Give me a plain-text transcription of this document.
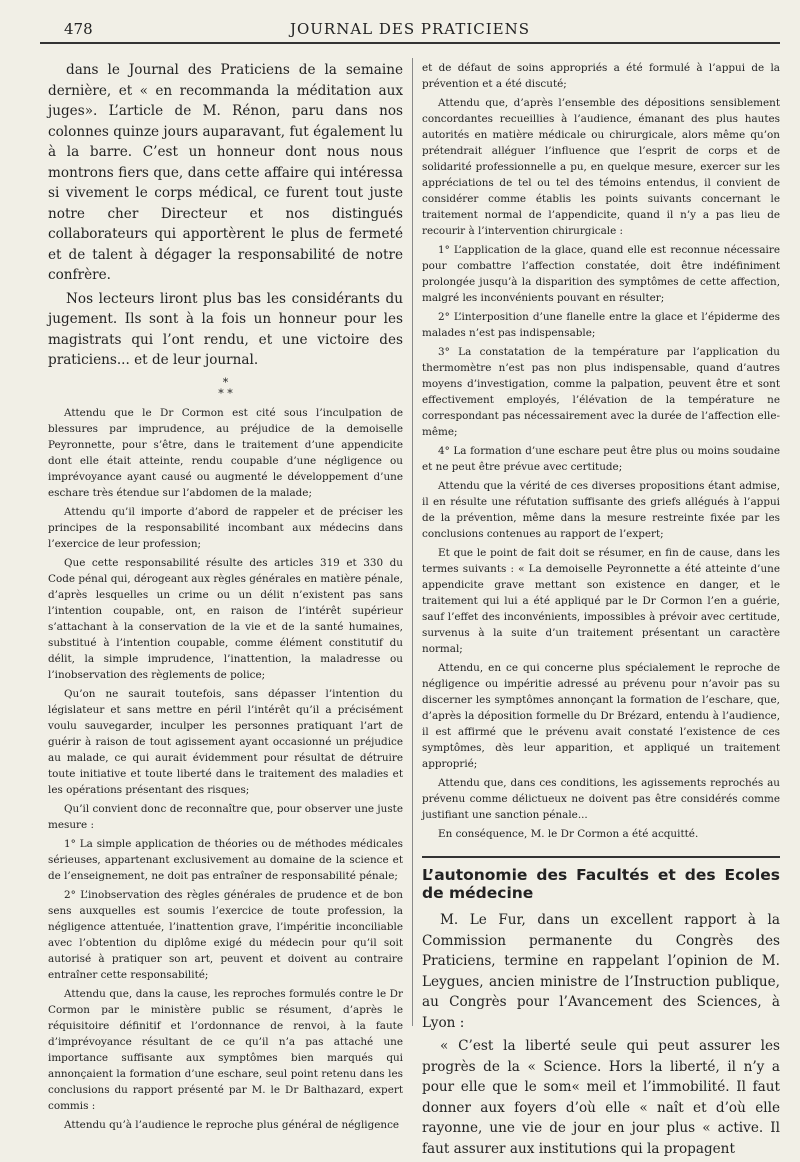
478	JOURNAL DES PRATICIENS

dans le Journal des Praticiens de la semaine dernière, et « en recommanda la méditation aux juges». L’article de M. Rénon, paru dans nos colonnes quinze jours auparavant, fut également lu à la barre. C’est un honneur dont nous nous montrons fiers que, dans cette affaire qui intéressa si vivement le corps médical, ce furent tout juste notre cher Directeur et nos distingués collaborateurs qui apportèrent le plus de fermeté et de talent à dégager la responsabilité de notre confrère.

Nos lecteurs liront plus bas les considérants du jugement. Ils sont à la fois un honneur pour les magistrats qui l’ont rendu, et une victoire des praticiens... et de leur journal.

*
* *

Attendu que le Dr Cormon est cité sous l’inculpation de blessures par imprudence, au préjudice de la demoiselle Peyronnette, pour s’être, dans le traitement d’une appendicite dont elle était atteinte, rendu coupable d’une négligence ou imprévoyance ayant causé ou augmenté le développement d’une eschare très étendue sur l’abdomen de la malade;

Attendu qu’il importe d’abord de rappeler et de préciser les principes de la responsabilité incombant aux médecins dans l’exercice de leur profession;

Que cette responsabilité résulte des articles 319 et 330 du Code pénal qui, dérogeant aux règles générales en matière pénale, d’après lesquelles un crime ou un délit n’existent pas sans l’intention coupable, ont, en raison de l’intérêt supérieur s’attachant à la conservation de la vie et de la santé humaines, substitué à l’intention coupable, comme élément constitutif du délit, la simple imprudence, l’inattention, la maladresse ou l’inobservation des règlements de police;

Qu’on ne saurait toutefois, sans dépasser l’intention du législateur et sans mettre en péril l’intérêt qu’il a précisément voulu sauvegarder, inculper les personnes pratiquant l’art de guérir à raison de tout agissement ayant occasionné un préjudice au malade, ce qui aurait évidemment pour résultat de détruire toute initiative et toute liberté dans le traitement des maladies et les opérations présentant des risques;

Qu’il convient donc de reconnaître que, pour observer une juste mesure :

1° La simple application de théories ou de méthodes médicales sérieuses, appartenant exclusivement au domaine de la science et de l’enseignement, ne doit pas entraîner de responsabilité pénale;

2° L’inobservation des règles générales de prudence et de bon sens auxquelles est soumis l’exercice de toute profession, la négligence attentuée, l’inattention grave, l’impéritie inconciliable avec l’obtention du diplôme exigé du médecin pour qu’il soit autorisé à pratiquer son art, peuvent et doivent au contraire entraîner cette responsabilité;

Attendu que, dans la cause, les reproches formulés contre le Dr Cormon par le ministère public se résument, d’après le réquisitoire définitif et l’ordonnance de renvoi, à la faute d’imprévoyance résultant de ce qu’il n’a pas attaché une importance suffisante aux symptômes bien marqués qui annonçaient la formation d’une eschare, seul point retenu dans les conclusions du rapport présenté par M. le Dr Balthazard, expert commis :

Attendu qu’à l’audience le reproche plus général de négligence

et de défaut de soins appropriés a été formulé à l’appui de la prévention et a été discuté;

Attendu que, d’après l’ensemble des dépositions sensiblement concordantes recueillies à l’audience, émanant des plus hautes autorités en matière médicale ou chirurgicale, alors même qu’on prétendrait alléguer l’influence que l’esprit de corps et de solidarité professionnelle a pu, en quelque mesure, exercer sur les appréciations de tel ou tel des témoins entendus, il convient de considérer comme établis les points suivants concernant le traitement normal de l’appendicite, quand il n’y a pas lieu de recourir à l’intervention chirurgicale :

1° L’application de la glace, quand elle est reconnue nécessaire pour combattre l’affection constatée, doit être indéfiniment prolongée jusqu’à la disparition des symptômes de cette affection, malgré les inconvénients pouvant en résulter;

2° L’interposition d’une flanelle entre la glace et l’épiderme des malades n’est pas indispensable;

3° La constatation de la température par l’application du thermomètre n’est pas non plus indispensable, quand d’autres moyens d’investigation, comme la palpation, peuvent être et sont effectivement employés, l’élévation de la température ne correspondant pas nécessairement avec la durée de l’affection elle-même;

4° La formation d’une eschare peut être plus ou moins soudaine et ne peut être prévue avec certitude;

Attendu que la vérité de ces diverses propositions étant admise, il en résulte une réfutation suffisante des griefs allégués à l’appui de la prévention, même dans la mesure restreinte fixée par les conclusions contenues au rapport de l’expert;

Et que le point de fait doit se résumer, en fin de cause, dans les termes suivants : « La demoiselle Peyronnette a été atteinte d’une appendicite grave mettant son existence en danger, et le traitement qui lui a été appliqué par le Dr Cormon l’en a guérie, sauf l’effet des inconvénients, impossibles à prévoir avec certitude, survenus à la suite d’un traitement présentant un caractère normal;

Attendu, en ce qui concerne plus spécialement le reproche de négligence ou impéritie adressé au prévenu pour n’avoir pas su discerner les symptômes annonçant la formation de l’eschare, que, d’après la déposition formelle du Dr Brézard, entendu à l’audience, il est affirmé que le prévenu avait constaté l’existence de ces symptômes, dès leur apparition, et appliqué un traitement approprié;

Attendu que, dans ces conditions, les agissements reprochés au prévenu comme délictueux ne doivent pas être considérés comme justifiant une sanction pénale...

En conséquence, M. le Dr Cormon a été acquitté.

L’autonomie des Facultés et des Ecoles de médecine

M. Le Fur, dans un excellent rapport à la Commission permanente du Congrès des Praticiens, termine en rappelant l’opinion de M. Leygues, ancien ministre de l’Instruction publique, au Congrès pour l’Avancement des Sciences, à Lyon :

« C’est la liberté seule qui peut assurer les progrès de la « Science. Hors la liberté, il n’y a pour elle que le som« meil et l’immobilité. Il faut donner aux foyers d’où elle « naît et d’où elle rayonne, une vie de jour en jour plus « active. Il faut assurer aux institutions qui la propagent
